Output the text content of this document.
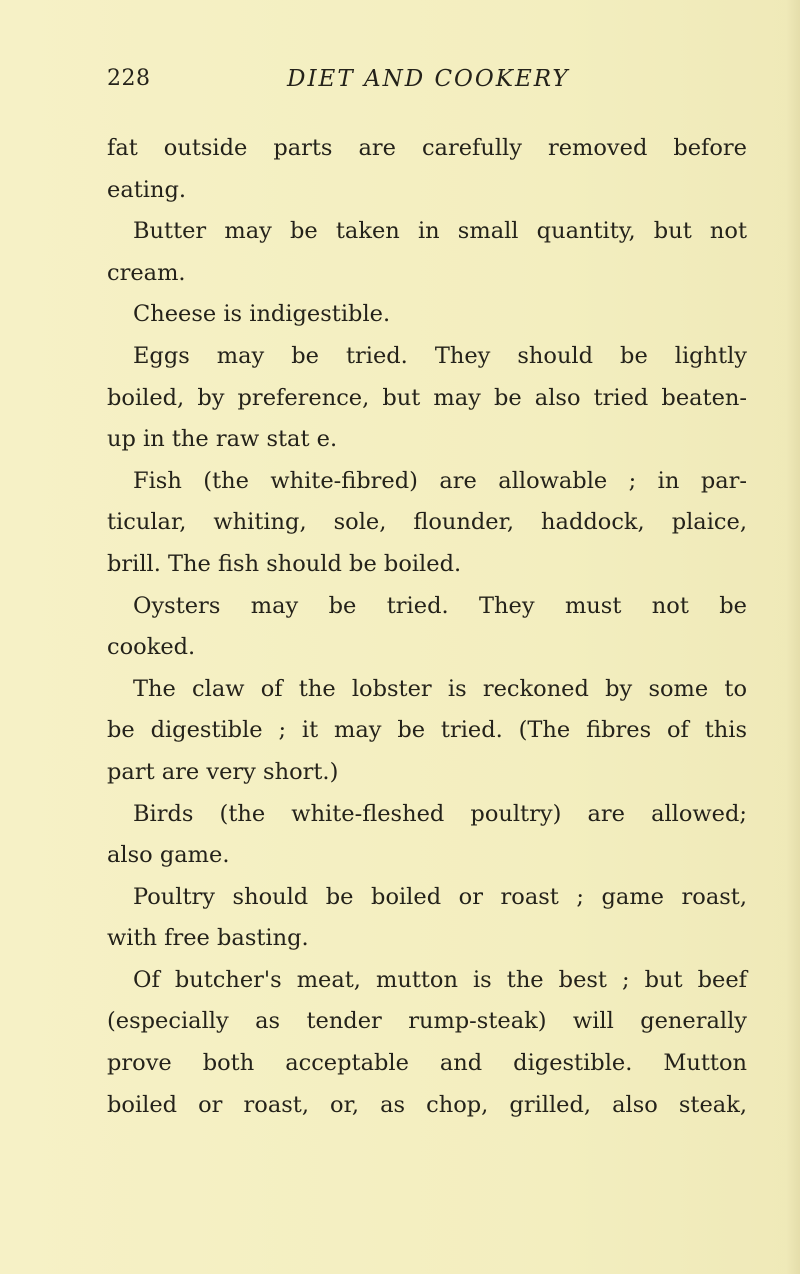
228	DIET AND COOKERY
fat outside parts are carefully removed before
eating.
Butter may be taken in small quantity, but not
cream.
Cheese is indigestible.
Eggs may be tried. They should be lightly
boiled, by preference, but may be also tried beaten-
up in the raw stat e.
Fish (the white-fibred) are allowable ; in par-
ticular, whiting, sole, flounder, haddock, plaice,
brill. The fish should be boiled.
Oysters may be tried. They must not be
cooked.
The claw of the lobster is reckoned by some to
be digestible ; it may be tried. (The fibres of this
part are very short.)
Birds (the white-fleshed poultry) are allowed;
also game.
Poultry should be boiled or roast ; game roast,
with free basting.
Of butcher's meat, mutton is the best ; but beef
(especially as tender rump-steak) will generally
prove both acceptable and digestible. Mutton
boiled or roast, or, as chop, grilled, also steak,
